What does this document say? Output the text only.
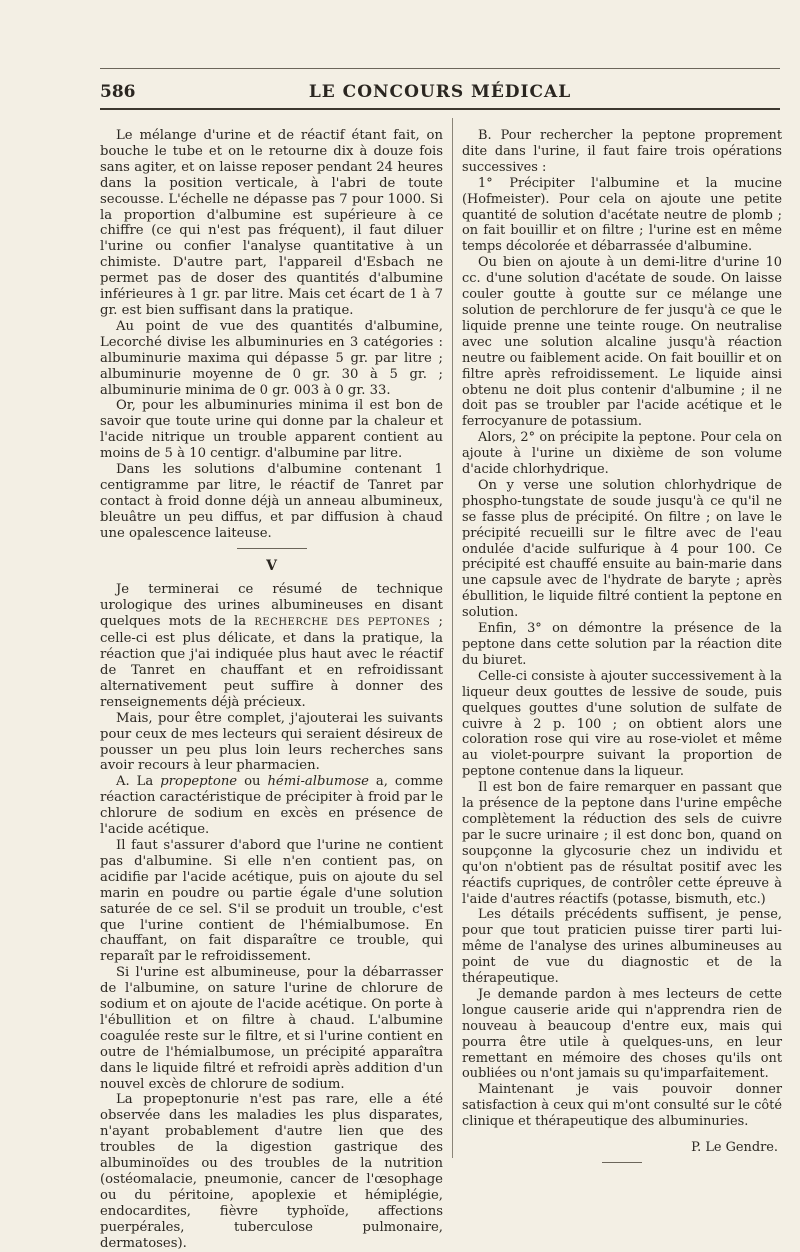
586	LE CONCOURS MÉDICAL

Le mélange d'urine et de réactif étant fait, on bouche le tube et on le retourne dix à douze fois sans agiter, et on laisse reposer pendant 24 heures dans la position verticale, à l'abri de toute secousse. L'échelle ne dépasse pas 7 pour 1000. Si la proportion d'albumine est supérieure à ce chiffre (ce qui n'est pas fréquent), il faut diluer l'urine ou confier l'analyse quantitative à un chimiste. D'autre part, l'appareil d'Esbach ne permet pas de doser des quantités d'albumine inférieures à 1 gr. par litre. Mais cet écart de 1 à 7 gr. est bien suffisant dans la pratique.

Au point de vue des quantités d'albumine, Lecorché divise les albuminuries en 3 catégories : albuminurie maxima qui dépasse 5 gr. par litre ; albuminurie moyenne de 0 gr. 30 à 5 gr. ; albuminurie minima de 0 gr. 003 à 0 gr. 33.

Or, pour les albuminuries minima il est bon de savoir que toute urine qui donne par la chaleur et l'acide nitrique un trouble apparent contient au moins de 5 à 10 centigr. d'albumine par litre.

Dans les solutions d'albumine contenant 1 centigramme par litre, le réactif de Tanret par contact à froid donne déjà un anneau albumineux, bleuâtre un peu diffus, et par diffusion à chaud une opalescence laiteuse.

V

Je terminerai ce résumé de technique urologique des urines albumineuses en disant quelques mots de la RECHERCHE DES PEPTONES ; celle-ci est plus délicate, et dans la pratique, la réaction que j'ai indiquée plus haut avec le réactif de Tanret en chauffant et en refroidissant alternativement peut suffire à donner des renseignements déjà précieux.

Mais, pour être complet, j'ajouterai les suivants pour ceux de mes lecteurs qui seraient désireux de pousser un peu plus loin leurs recherches sans avoir recours à leur pharmacien.

A. La propeptone ou hémi-albumose a, comme réaction caractéristique de précipiter à froid par le chlorure de sodium en excès en présence de l'acide acétique.

Il faut s'assurer d'abord que l'urine ne contient pas d'albumine. Si elle n'en contient pas, on acidifie par l'acide acétique, puis on ajoute du sel marin en poudre ou partie égale d'une solution saturée de ce sel. S'il se produit un trouble, c'est que l'urine contient de l'hémialbumose. En chauffant, on fait disparaître ce trouble, qui reparaît par le refroidissement.

Si l'urine est albumineuse, pour la débarrasser de l'albumine, on sature l'urine de chlorure de sodium et on ajoute de l'acide acétique. On porte à l'ébullition et on filtre à chaud. L'albumine coagulée reste sur le filtre, et si l'urine contient en outre de l'hémialbumose, un précipité apparaîtra dans le liquide filtré et refroidi après addition d'un nouvel excès de chlorure de sodium.

La propeptonurie n'est pas rare, elle a été observée dans les maladies les plus disparates, n'ayant probablement d'autre lien que des troubles de la digestion gastrique des albuminoïdes ou des troubles de la nutrition (ostéomalacie, pneumonie, cancer de l'œsophage ou du péritoine, apoplexie et hémiplégie, endocardites, fièvre typhoïde, affections puerpérales, tuberculose pulmonaire, dermatoses).

B. Pour rechercher la peptone proprement dite dans l'urine, il faut faire trois opérations successives :

1° Précipiter l'albumine et la mucine (Hofmeister). Pour cela on ajoute une petite quantité de solution d'acétate neutre de plomb ; on fait bouillir et on filtre ; l'urine est en même temps décolorée et débarrassée d'albumine.

Ou bien on ajoute à un demi-litre d'urine 10 cc. d'une solution d'acétate de soude. On laisse couler goutte à goutte sur ce mélange une solution de perchlorure de fer jusqu'à ce que le liquide prenne une teinte rouge. On neutralise avec une solution alcaline jusqu'à réaction neutre ou faiblement acide. On fait bouillir et on filtre après refroidissement. Le liquide ainsi obtenu ne doit plus contenir d'albumine ; il ne doit pas se troubler par l'acide acétique et le ferrocyanure de potassium.

Alors, 2° on précipite la peptone. Pour cela on ajoute à l'urine un dixième de son volume d'acide chlorhydrique.

On y verse une solution chlorhydrique de phospho-tungstate de soude jusqu'à ce qu'il ne se fasse plus de précipité. On filtre ; on lave le précipité recueilli sur le filtre avec de l'eau ondulée d'acide sulfurique à 4 pour 100. Ce précipité est chauffé ensuite au bain-marie dans une capsule avec de l'hydrate de baryte ; après ébullition, le liquide filtré contient la peptone en solution.

Enfin, 3° on démontre la présence de la peptone dans cette solution par la réaction dite du biuret.

Celle-ci consiste à ajouter successivement à la liqueur deux gouttes de lessive de soude, puis quelques gouttes d'une solution de sulfate de cuivre à 2 p. 100 ; on obtient alors une coloration rose qui vire au rose-violet et même au violet-pourpre suivant la proportion de peptone contenue dans la liqueur.

Il est bon de faire remarquer en passant que la présence de la peptone dans l'urine empêche complètement la réduction des sels de cuivre par le sucre urinaire ; il est donc bon, quand on soupçonne la glycosurie chez un individu et qu'on n'obtient pas de résultat positif avec les réactifs cupriques, de contrôler cette épreuve à l'aide d'autres réactifs (potasse, bismuth, etc.)

Les détails précédents suffisent, je pense, pour que tout praticien puisse tirer parti lui-même de l'analyse des urines albumineuses au point de vue du diagnostic et de la thérapeutique.

Je demande pardon à mes lecteurs de cette longue causerie aride qui n'apprendra rien de nouveau à beaucoup d'entre eux, mais qui pourra être utile à quelques-uns, en leur remettant en mémoire des choses qu'ils ont oubliées ou n'ont jamais su qu'imparfaitement.

Maintenant je vais pouvoir donner satisfaction à ceux qui m'ont consulté sur le côté clinique et thérapeutique des albuminuries.

P. Le Gendre.
